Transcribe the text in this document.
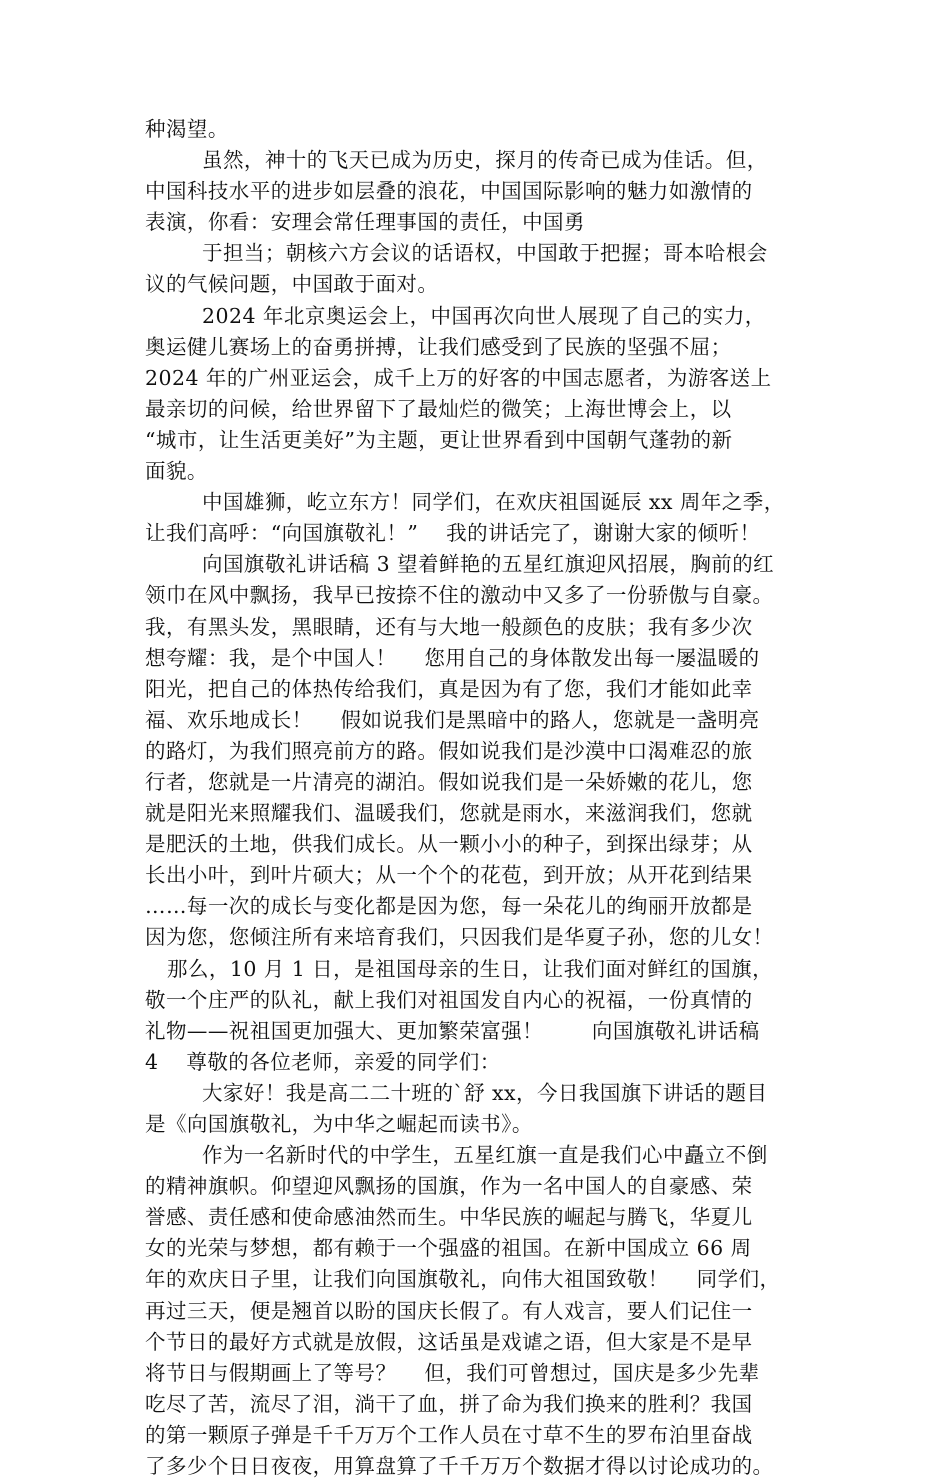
种渴望。
虽然，神十的飞天已成为历史，探月的传奇已成为佳话。但，
中国科技水平的进步如层叠的浪花，中国国际影响的魅力如激情的
表演，你看：安理会常任理事国的责任，中国勇
于担当；朝核六方会议的话语权，中国敢于把握；哥本哈根会
议的气候问题，中国敢于面对。
2024 年北京奥运会上，中国再次向世人展现了自己的实力，
奥运健儿赛场上的奋勇拼搏，让我们感受到了民族的坚强不屈；
2024 年的广州亚运会，成千上万的好客的中国志愿者，为游客送上
最亲切的问候，给世界留下了最灿烂的微笑；上海世博会上，以
“城市，让生活更美好”为主题，更让世界看到中国朝气蓬勃的新
面貌。
中国雄狮，屹立东方！同学们，在欢庆祖国诞辰 xx 周年之季，
让我们高呼：“向国旗敬礼！”　 我的讲话完了，谢谢大家的倾听！
向国旗敬礼讲话稿 3 望着鲜艳的五星红旗迎风招展，胸前的红
领巾在风中飘扬，我早已按捺不住的激动中又多了一份骄傲与自豪。
我，有黑头发，黑眼睛，还有与大地一般颜色的皮肤；我有多少次
想夸耀：我，是个中国人！　 您用自己的身体散发出每一屡温暖的
阳光，把自己的体热传给我们，真是因为有了您，我们才能如此幸
福、欢乐地成长！　 假如说我们是黑暗中的路人，您就是一盏明亮
的路灯，为我们照亮前方的路。假如说我们是沙漠中口渴难忍的旅
行者，您就是一片清亮的湖泊。假如说我们是一朵娇嫩的花儿，您
就是阳光来照耀我们、温暖我们，您就是雨水，来滋润我们，您就
是肥沃的土地，供我们成长。从一颗小小的种子，到探出绿芽；从
长出小叶，到叶片硕大；从一个个的花苞，到开放；从开花到结果
……每一次的成长与变化都是因为您，每一朵花儿的绚丽开放都是
因为您，您倾注所有来培育我们，只因我们是华夏子孙，您的儿女！
那么，10 月 1 日，是祖国母亲的生日，让我们面对鲜红的国旗，
敬一个庄严的队礼，献上我们对祖国发自内心的祝福，一份真情的
礼物——祝祖国更加强大、更加繁荣富强！　　 向国旗敬礼讲话稿
4　 尊敬的各位老师，亲爱的同学们：
大家好！我是高二二十班的`舒 xx，今日我国旗下讲话的题目
是《向国旗敬礼，为中华之崛起而读书》。
作为一名新时代的中学生，五星红旗一直是我们心中矗立不倒
的精神旗帜。仰望迎风飘扬的国旗，作为一名中国人的自豪感、荣
誉感、责任感和使命感油然而生。中华民族的崛起与腾飞，华夏儿
女的光荣与梦想，都有赖于一个强盛的祖国。在新中国成立 66 周
年的欢庆日子里，让我们向国旗敬礼，向伟大祖国致敬！　 同学们，
再过三天，便是翘首以盼的国庆长假了。有人戏言，要人们记住一
个节日的最好方式就是放假，这话虽是戏谑之语，但大家是不是早
将节日与假期画上了等号？　 但，我们可曾想过，国庆是多少先辈
吃尽了苦，流尽了泪，淌干了血，拼了命为我们换来的胜利？我国
的第一颗原子弹是千千万万个工作人员在寸草不生的罗布泊里奋战
了多少个日日夜夜，用算盘算了千千万万个数据才得以讨论成功的。
